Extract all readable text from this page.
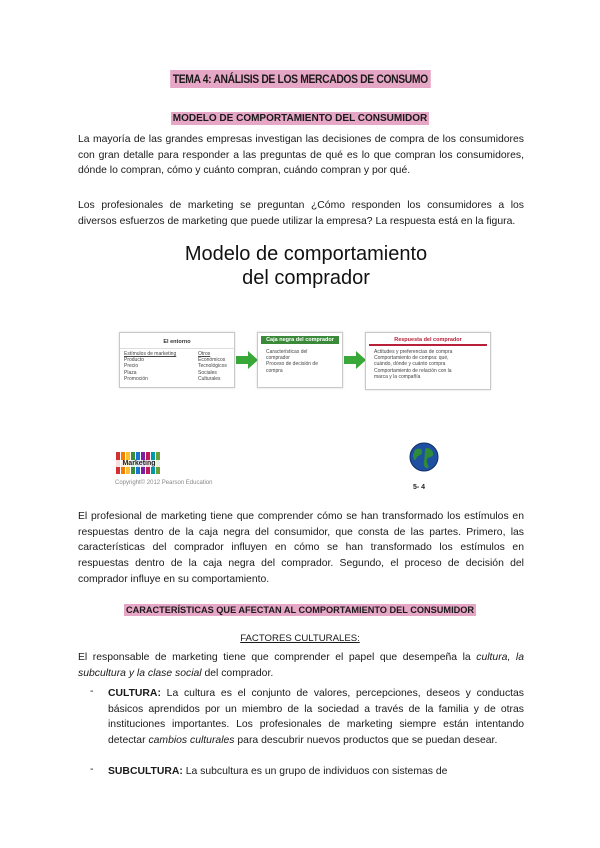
TEMA 4: ANÁLISIS DE LOS MERCADOS DE CONSUMO
MODELO DE COMPORTAMIENTO DEL CONSUMIDOR

La mayoría de las grandes empresas investigan las decisiones de compra de los consumidores con gran detalle para responder a las preguntas de qué es lo que compran los consumidores, dónde lo compran, cómo y cuánto compran, cuándo compran y por qué.

Los profesionales de marketing se preguntan ¿Cómo responden los consumidores a los diversos esfuerzos de marketing que puede utilizar la empresa? La respuesta está en la figura.

Modelo de comportamiento
del comprador
El entorno
Estímulos de marketing
Producto
Precio
Plaza
Promoción
Otros
Económicos
Tecnológicos
Sociales
Culturales
Caja negra del comprador
Características del
comprador
Proceso de decisión de
compra
Respuesta del comprador
Actitudes y preferencias de compra
Comportamiento de compra: qué,
cuándo, dónde y cuánto compra
Comportamiento de relación con la
marca y la compañía
Marketing
Copyright© 2012 Pearson Education
5- 4

El profesional de marketing tiene que comprender cómo se han transformado los estímulos en respuestas dentro de la caja negra del consumidor, que consta de las partes. Primero, las características del comprador influyen en cómo se han transformado los estímulos en respuestas dentro de la caja negra del comprador. Segundo, el proceso de decisión del comprador influye en su comportamiento.

CARACTERÍSTICAS QUE AFECTAN AL COMPORTAMIENTO DEL CONSUMIDOR
FACTORES CULTURALES:

El responsable de marketing tiene que comprender el papel que desempeña la cultura, la subcultura y la clase social del comprador.

-	CULTURA: La cultura es el conjunto de valores, percepciones, deseos y conductas básicos aprendidos por un miembro de la sociedad a través de la familia y de otras instituciones importantes. Los profesionales de marketing siempre están intentando detectar cambios culturales para descubrir nuevos productos que se puedan desear.

-	SUBCULTURA: La subcultura es un grupo de individuos con sistemas de
